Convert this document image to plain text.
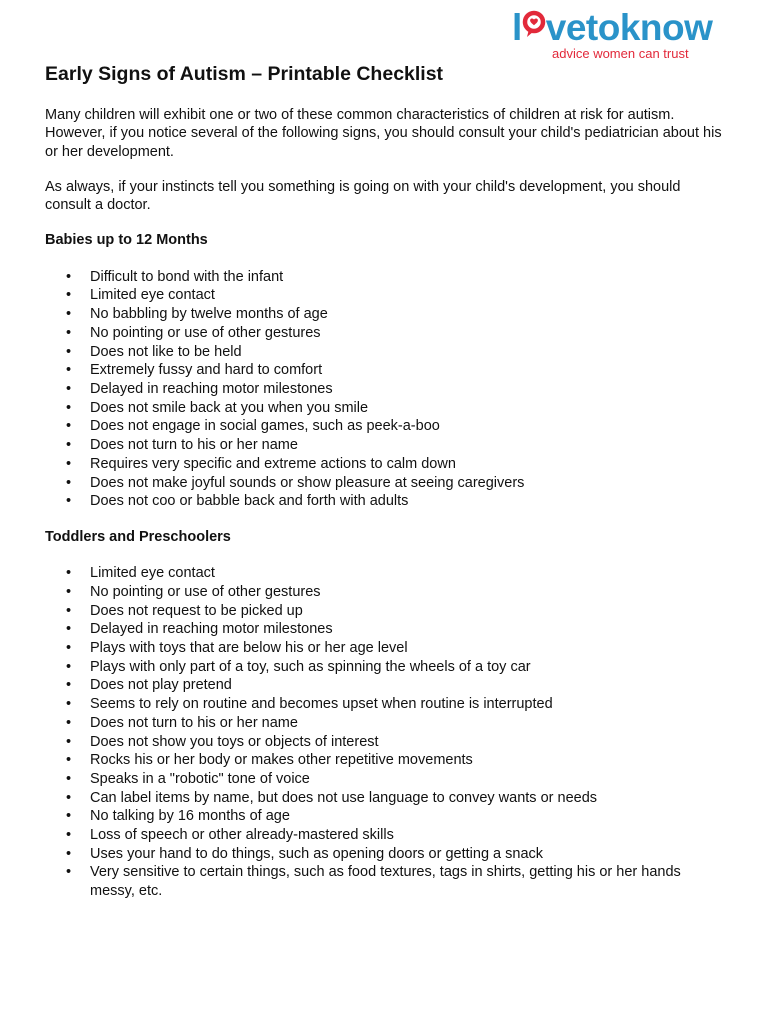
l vetoknow
advice women can trust
Early Signs of Autism – Printable Checklist

Many children will exhibit one or two of these common characteristics of children at risk for autism. However, if you notice several of the following signs, you should consult your child's pediatrician about his or her development.

As always, if your instincts tell you something is going on with your child's development, you should consult a doctor.

Babies up to 12 Months
• Difficult to bond with the infant
• Limited eye contact
• No babbling by twelve months of age
• No pointing or use of other gestures
• Does not like to be held
• Extremely fussy and hard to comfort
• Delayed in reaching motor milestones
• Does not smile back at you when you smile
• Does not engage in social games, such as peek-a-boo
• Does not turn to his or her name
• Requires very specific and extreme actions to calm down
• Does not make joyful sounds or show pleasure at seeing caregivers
• Does not coo or babble back and forth with adults
Toddlers and Preschoolers
• Limited eye contact
• No pointing or use of other gestures
• Does not request to be picked up
• Delayed in reaching motor milestones
• Plays with toys that are below his or her age level
• Plays with only part of a toy, such as spinning the wheels of a toy car
• Does not play pretend
• Seems to rely on routine and becomes upset when routine is interrupted
• Does not turn to his or her name
• Does not show you toys or objects of interest
• Rocks his or her body or makes other repetitive movements
• Speaks in a "robotic" tone of voice
• Can label items by name, but does not use language to convey wants or needs
• No talking by 16 months of age
• Loss of speech or other already-mastered skills
• Uses your hand to do things, such as opening doors or getting a snack
• Very sensitive to certain things, such as food textures, tags in shirts, getting his or her hands messy, etc.
